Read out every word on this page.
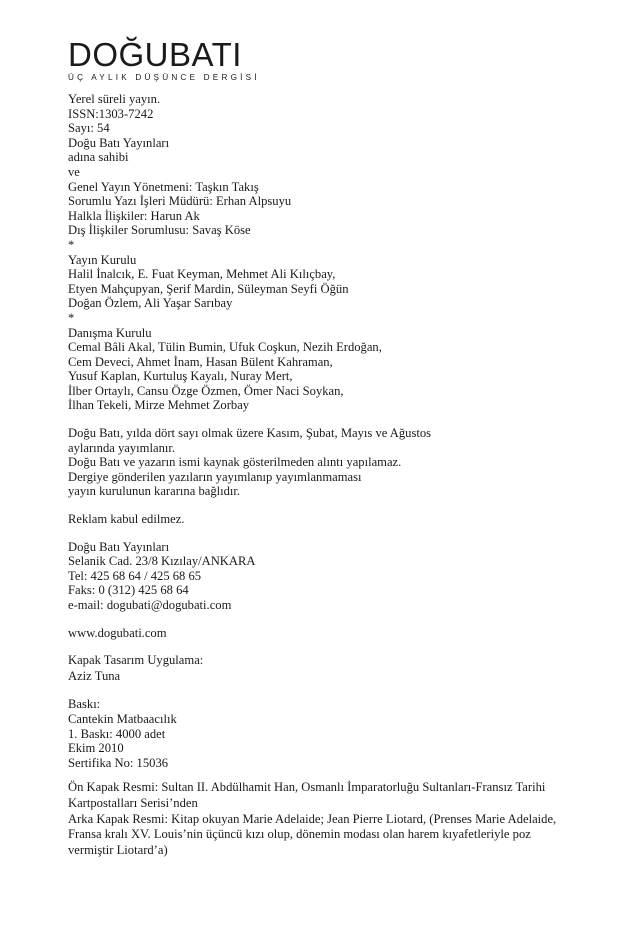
DOĞUBATI
ÜÇ AYLIK DÜŞÜNCE DERGİSİ
Yerel süreli yayın.
ISSN:1303-7242
Sayı: 54
Doğu Batı Yayınları
adına sahibi
ve
Genel Yayın Yönetmeni: Taşkın Takış
Sorumlu Yazı İşleri Müdürü: Erhan Alpsuyu
Halkla İlişkiler: Harun Ak
Dış İlişkiler Sorumlusu: Savaş Köse
*
Yayın Kurulu
Halil İnalcık, E. Fuat Keyman, Mehmet Ali Kılıçbay,
Etyen Mahçupyan, Şerif Mardin, Süleyman Seyfi Öğün
Doğan Özlem, Ali Yaşar Sarıbay
*
Danışma Kurulu
Cemal Bâli Akal, Tülin Bumin, Ufuk Coşkun, Nezih Erdoğan,
Cem Deveci, Ahmet İnam, Hasan Bülent Kahraman,
Yusuf Kaplan, Kurtuluş Kayalı, Nuray Mert,
İlber Ortaylı, Cansu Özge Özmen, Ömer Naci Soykan,
İlhan Tekeli, Mirze Mehmet Zorbay
Doğu Batı, yılda dört sayı olmak üzere Kasım, Şubat, Mayıs ve Ağustos
aylarında yayımlanır.
Doğu Batı ve yazarın ismi kaynak gösterilmeden alıntı yapılamaz.
Dergiye gönderilen yazıların yayımlanıp yayımlanmaması
yayın kurulunun kararına bağlıdır.
Reklam kabul edilmez.
Doğu Batı Yayınları
Selanik Cad. 23/8 Kızılay/ANKARA
Tel: 425 68 64 / 425 68 65
Faks: 0 (312) 425 68 64
e-mail: dogubati@dogubati.com
www.dogubati.com
Kapak Tasarım Uygulama:
Aziz Tuna
Baskı:
Cantekin Matbaacılık
1. Baskı: 4000 adet
Ekim 2010
Sertifika No: 15036
Ön Kapak Resmi: Sultan II. Abdülhamit Han, Osmanlı İmparatorluğu Sultanları-Fransız Tarihi
Kartpostalları Serisi’nden
Arka Kapak Resmi: Kitap okuyan Marie Adelaide; Jean Pierre Liotard, (Prenses Marie Adelaide,
Fransa kralı XV. Louis’nin üçüncü kızı olup, dönemin modası olan harem kıyafetleriyle poz
vermiştir Liotard’a)
